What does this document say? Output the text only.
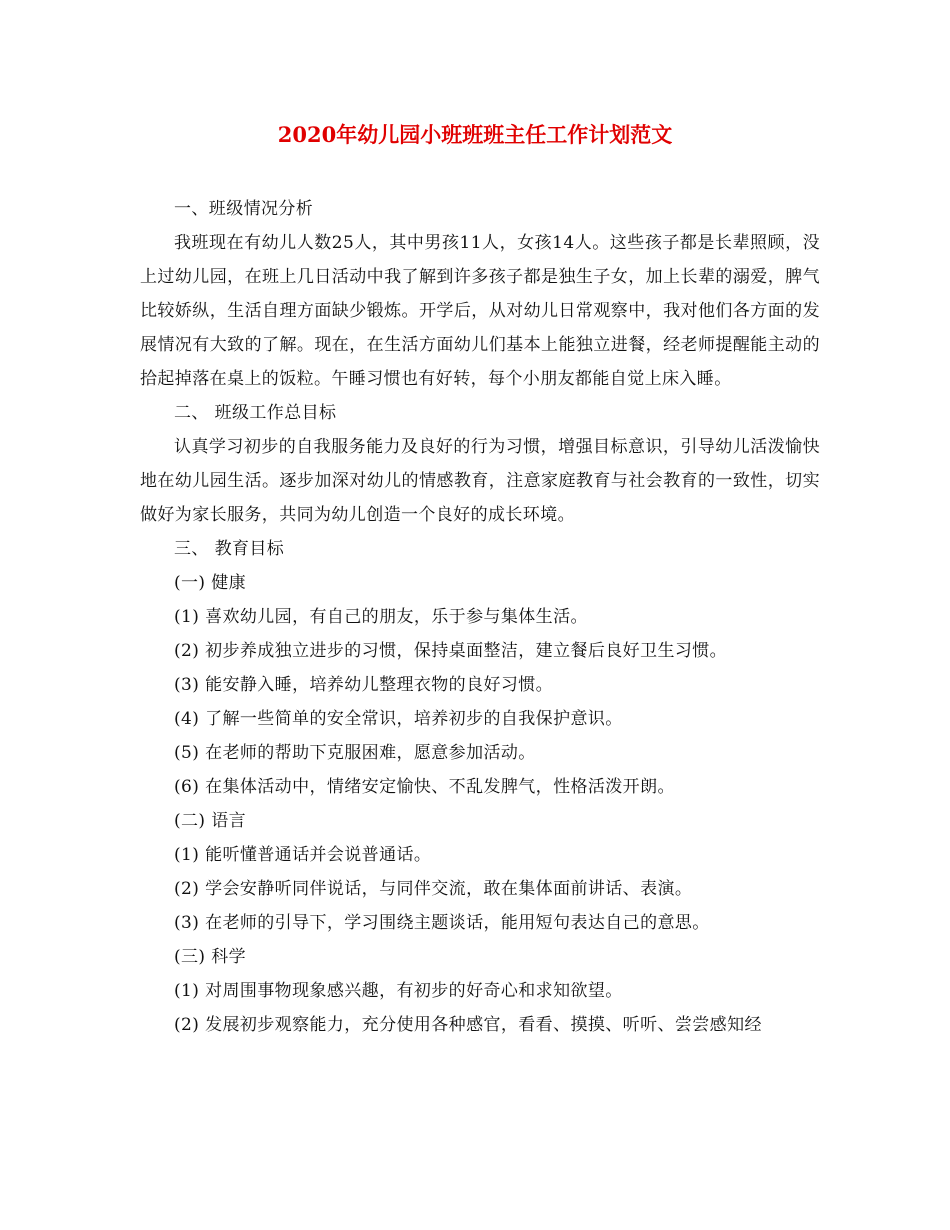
2020年幼儿园小班班班主任工作计划范文

一、班级情况分析

我班现在有幼儿人数25人，其中男孩11人，女孩14人。这些孩子都是长辈照顾，没上过幼儿园，在班上几日活动中我了解到许多孩子都是独生子女，加上长辈的溺爱，脾气比较娇纵，生活自理方面缺少锻炼。开学后，从对幼儿日常观察中，我对他们各方面的发展情况有大致的了解。现在，在生活方面幼儿们基本上能独立进餐，经老师提醒能主动的拾起掉落在桌上的饭粒。午睡习惯也有好转，每个小朋友都能自觉上床入睡。

二、 班级工作总目标

认真学习初步的自我服务能力及良好的行为习惯，增强目标意识，引导幼儿活泼愉快地在幼儿园生活。逐步加深对幼儿的情感教育，注意家庭教育与社会教育的一致性，切实做好为家长服务，共同为幼儿创造一个良好的成长环境。

三、 教育目标

(一) 健康

(1) 喜欢幼儿园，有自己的朋友，乐于参与集体生活。

(2) 初步养成独立进步的习惯，保持桌面整洁，建立餐后良好卫生习惯。

(3) 能安静入睡，培养幼儿整理衣物的良好习惯。

(4) 了解一些简单的安全常识，培养初步的自我保护意识。

(5) 在老师的帮助下克服困难，愿意参加活动。

(6) 在集体活动中，情绪安定愉快、不乱发脾气，性格活泼开朗。

(二) 语言

(1) 能听懂普通话并会说普通话。

(2) 学会安静听同伴说话，与同伴交流，敢在集体面前讲话、表演。

(3) 在老师的引导下，学习围绕主题谈话，能用短句表达自己的意思。

(三) 科学

(1) 对周围事物现象感兴趣，有初步的好奇心和求知欲望。

(2) 发展初步观察能力，充分使用各种感官，看看、摸摸、听听、尝尝感知经
